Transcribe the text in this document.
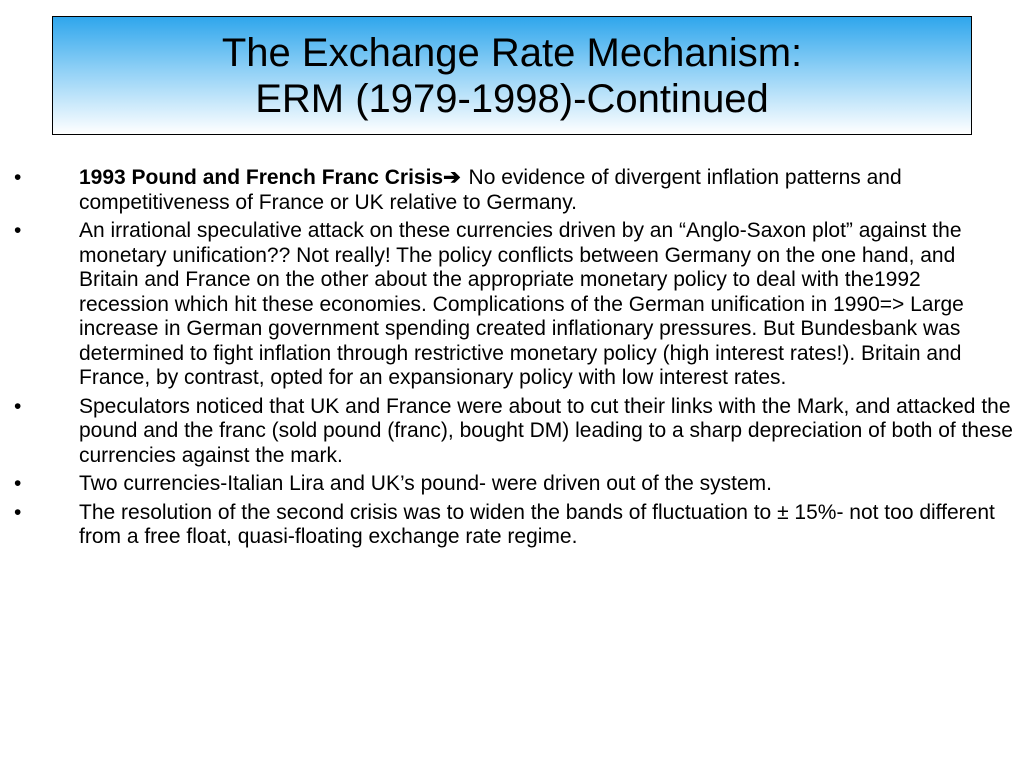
The Exchange Rate Mechanism:
ERM (1979-1998)-Continued
•	1993 Pound and French Franc Crisis➔ No evidence of divergent inflation patterns and competitiveness of France or UK relative to Germany.
•	An irrational speculative attack on these currencies driven by an “Anglo-Saxon plot” against the monetary unification?? Not really! The policy conflicts between Germany on the one hand, and Britain and France on the other about the appropriate monetary policy to deal with the1992 recession which hit these economies. Complications of the German unification in 1990=> Large increase in German government spending created inflationary pressures. But Bundesbank was determined to fight inflation through restrictive monetary policy (high interest rates!). Britain and France, by contrast, opted for an expansionary policy with low interest rates.
•	Speculators noticed that UK and France were about to cut their links with the Mark, and attacked the pound and the franc (sold pound (franc), bought DM) leading to a sharp depreciation of both of these currencies against the mark.
•	Two currencies-Italian Lira and UK’s pound- were driven out of the system.
•	The resolution of the second crisis was to widen the bands of fluctuation to ± 15%- not too different from a free float, quasi-floating exchange rate regime.
